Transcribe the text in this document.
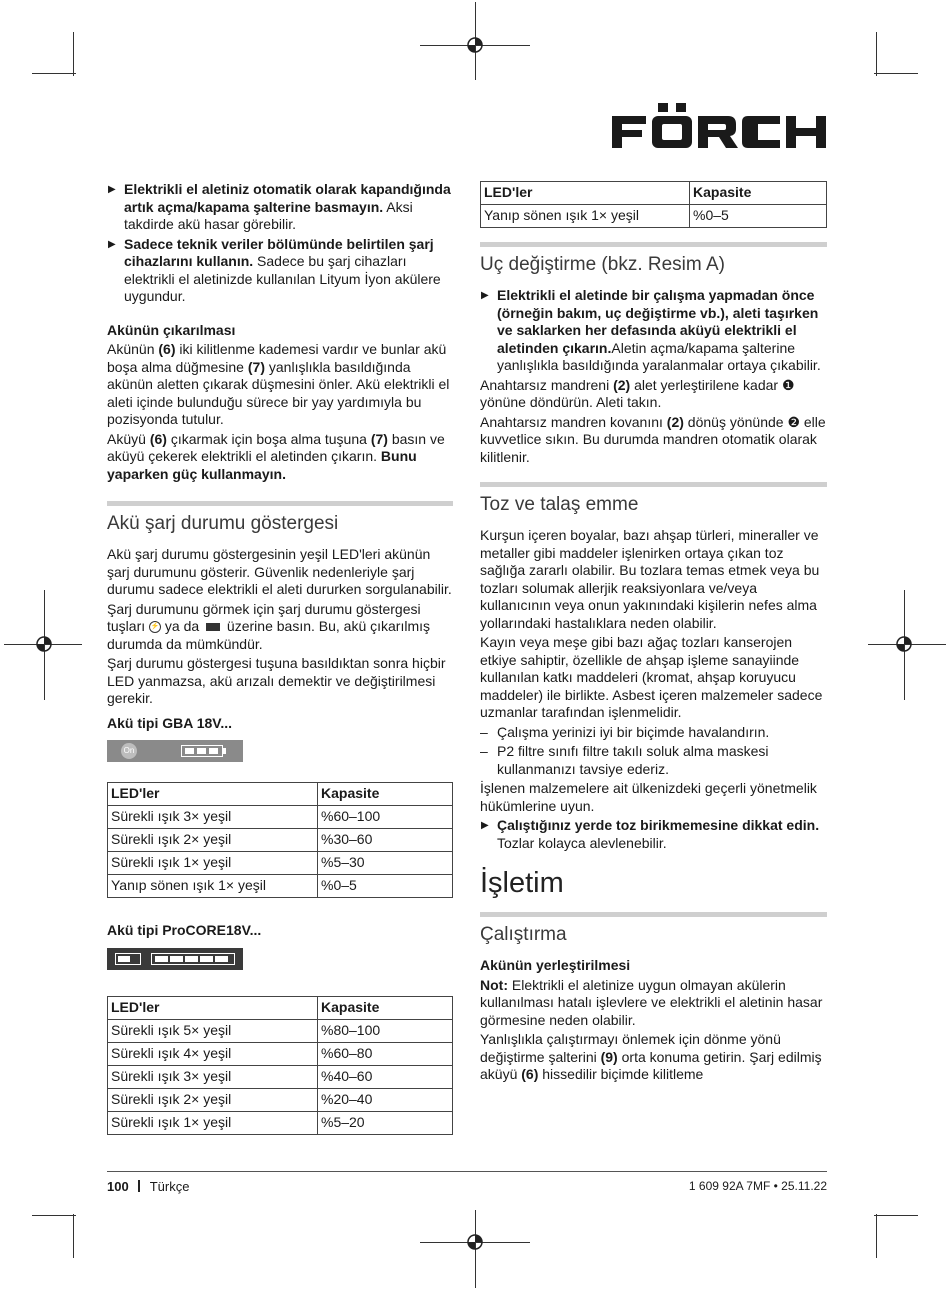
FÖRCH

▶ Elektrikli el aletiniz otomatik olarak kapandığında artık açma/kapama şalterine basmayın. Aksi takdirde akü hasar görebilir.

▶ Sadece teknik veriler bölümünde belirtilen şarj cihazlarını kullanın. Sadece bu şarj cihazları elektrikli el aletinizde kullanılan Lityum İyon akülere uygundur.

Akünün çıkarılması

Akünün (6) iki kilitlenme kademesi vardır ve bunlar akü boşa alma düğmesine (7) yanlışlıkla basıldığında akünün aletten çıkarak düşmesini önler. Akü elektrikli el aleti içinde bulunduğu sürece bir yay yardımıyla bu pozisyonda tutulur.

Aküyü (6) çıkarmak için boşa alma tuşuna (7) basın ve aküyü çekerek elektrikli el aletinden çıkarın. Bunu yaparken güç kullanmayın.

Akü şarj durumu göstergesi

Akü şarj durumu göstergesinin yeşil LED'leri akünün şarj durumunu gösterir. Güvenlik nedenleriyle şarj durumu sadece elektrikli el aleti dururken sorgulanabilir.

Şarj durumunu görmek için şarj durumu göstergesi tuşları ⚡ ya da  üzerine basın. Bu, akü çıkarılmış durumda da mümkündür.

Şarj durumu göstergesi tuşuna basıldıktan sonra hiçbir LED yanmazsa, akü arızalı demektir ve değiştirilmesi gerekir.

Akü tipi GBA 18V...

On
LED'ler	Kapasite
Sürekli ışık 3× yeşil	%60–100
Sürekli ışık 2× yeşil	%30–60
Sürekli ışık 1× yeşil	%5–30
Yanıp sönen ışık 1× yeşil	%0–5

Akü tipi ProCORE18V...

LED'ler	Kapasite
Sürekli ışık 5× yeşil	%80–100
Sürekli ışık 4× yeşil	%60–80
Sürekli ışık 3× yeşil	%40–60
Sürekli ışık 2× yeşil	%20–40
Sürekli ışık 1× yeşil	%5–20
LED'ler	Kapasite
Yanıp sönen ışık 1× yeşil	%0–5
Uç değiştirme (bkz. Resim A)

▶ Elektrikli el aletinde bir çalışma yapmadan önce (örneğin bakım, uç değiştirme vb.), aleti taşırken ve saklarken her defasında aküyü elektrikli el aletinden çıkarın.Aletin açma/kapama şalterine yanlışlıkla basıldığında yaralanmalar ortaya çıkabilir.

Anahtarsız mandreni (2) alet yerleştirilene kadar ❶ yönüne döndürün. Aleti takın.

Anahtarsız mandren kovanını (2) dönüş yönünde ❷ elle kuvvetlice sıkın. Bu durumda mandren otomatik olarak kilitlenir.

Toz ve talaş emme

Kurşun içeren boyalar, bazı ahşap türleri, mineraller ve metaller gibi maddeler işlenirken ortaya çıkan toz sağlığa zararlı olabilir. Bu tozlara temas etmek veya bu tozları solumak allerjik reaksiyonlara ve/veya kullanıcının veya onun yakınındaki kişilerin nefes alma yollarındaki hastalıklara neden olabilir.

Kayın veya meşe gibi bazı ağaç tozları kanserojen etkiye sahiptir, özellikle de ahşap işleme sanayiinde kullanılan katkı maddeleri (kromat, ahşap koruyucu maddeler) ile birlikte. Asbest içeren malzemeler sadece uzmanlar tarafından işlenmelidir.

– Çalışma yerinizi iyi bir biçimde havalandırın.

– P2 filtre sınıfı filtre takılı soluk alma maskesi kullanmanızı tavsiye ederiz.

İşlenen malzemelere ait ülkenizdeki geçerli yönetmelik hükümlerine uyun.

▶ Çalıştığınız yerde toz birikmemesine dikkat edin. Tozlar kolayca alevlenebilir.

İşletim

Çalıştırma

Akünün yerleştirilmesi

Not: Elektrikli el aletinize uygun olmayan akülerin kullanılması hatalı işlevlere ve elektrikli el aletinin hasar görmesine neden olabilir.

Yanlışlıkla çalıştırmayı önlemek için dönme yönü değiştirme şalterini (9) orta konuma getirin. Şarj edilmiş aküyü (6) hissedilir biçimde kilitleme

100 Türkçe	1 609 92A 7MF • 25.11.22
